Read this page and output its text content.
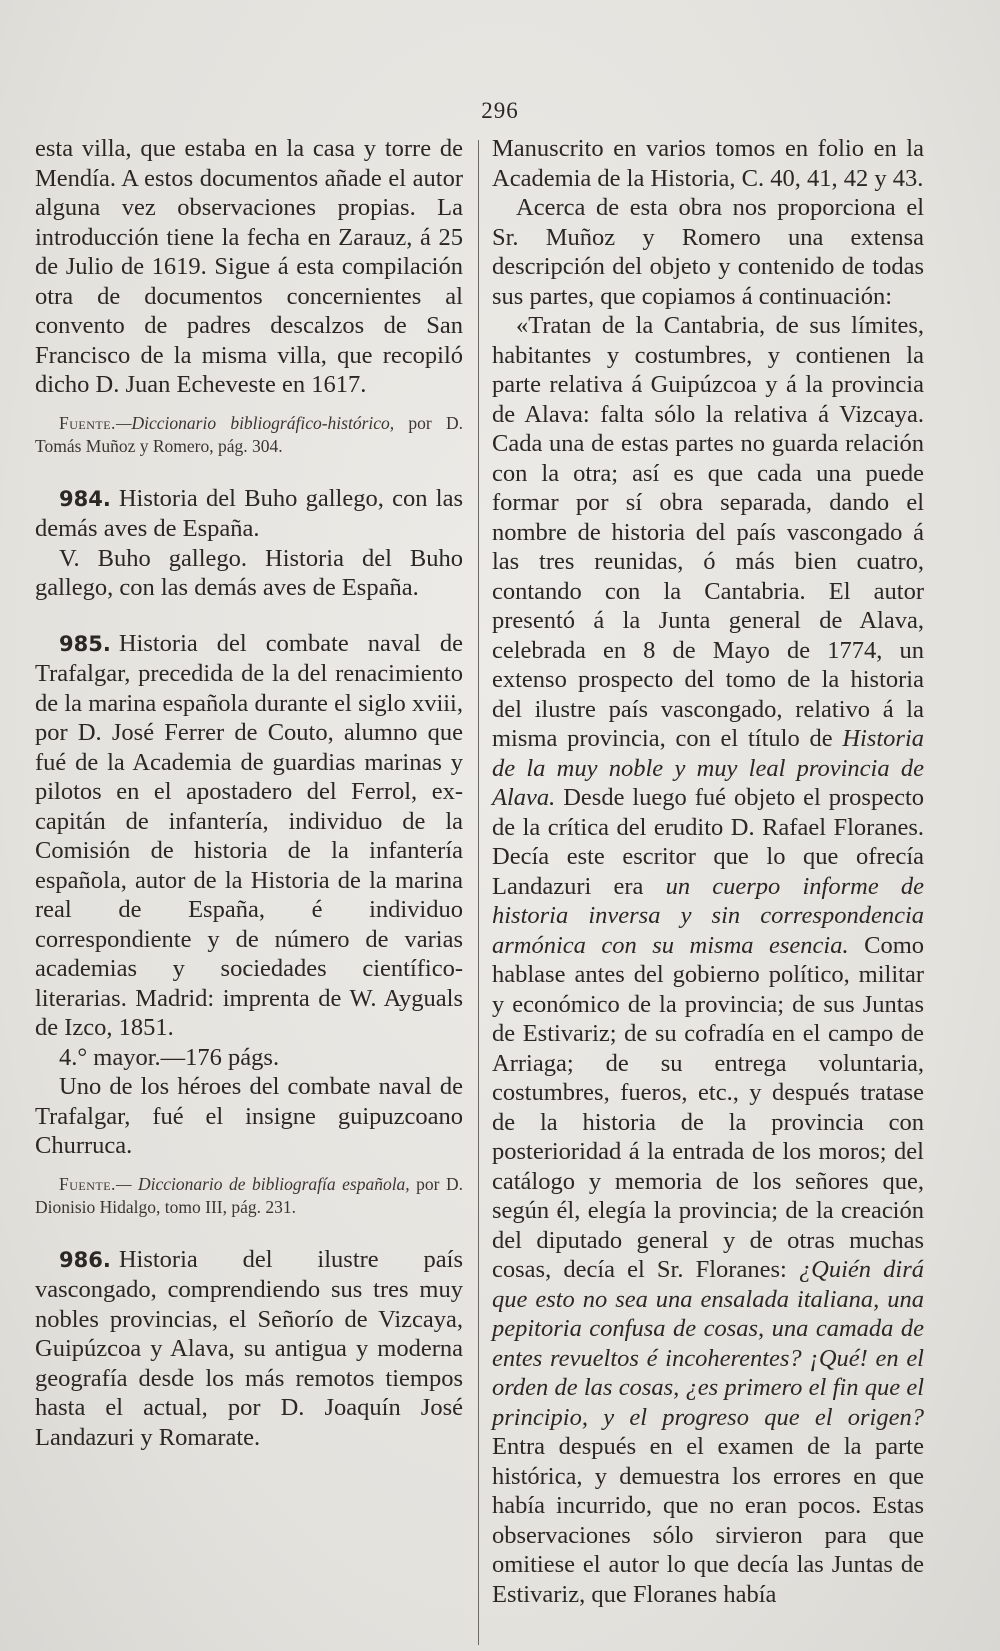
296

esta villa, que estaba en la casa y torre de Mendía. A estos documentos añade el autor alguna vez observaciones propias. La introducción tiene la fecha en Zarauz, á 25 de Julio de 1619. Sigue á esta compilación otra de documentos concernientes al convento de padres descalzos de San Francisco de la misma villa, que recopiló dicho D. Juan Echeveste en 1617.

Fuente.—Diccionario bibliográfico-histórico, por D. Tomás Muñoz y Romero, pág. 304.

984. Historia del Buho gallego, con las demás aves de España.

V. Buho gallego. Historia del Buho gallego, con las demás aves de España.

985. Historia del combate naval de Trafalgar, precedida de la del renacimiento de la marina española durante el siglo xviii, por D. José Ferrer de Couto, alumno que fué de la Academia de guardias marinas y pilotos en el apostadero del Ferrol, ex-capitán de infantería, individuo de la Comisión de historia de la infantería española, autor de la Historia de la marina real de España, é individuo correspondiente y de número de varias academias y sociedades científico-literarias. Madrid: imprenta de W. Ayguals de Izco, 1851.

4.° mayor.—176 págs.

Uno de los héroes del combate naval de Trafalgar, fué el insigne guipuzcoano Churruca.

Fuente.— Diccionario de bibliografía española, por D. Dionisio Hidalgo, tomo III, pág. 231.

986. Historia del ilustre país vascongado, comprendiendo sus tres muy nobles provincias, el Señorío de Vizcaya, Guipúzcoa y Alava, su antigua y moderna geografía desde los más remotos tiempos hasta el actual, por D. Joaquín José Landazuri y Romarate.

Manuscrito en varios tomos en folio en la Academia de la Historia, C. 40, 41, 42 y 43.

Acerca de esta obra nos proporciona el Sr. Muñoz y Romero una extensa descripción del objeto y contenido de todas sus partes, que copiamos á continuación:

«Tratan de la Cantabria, de sus límites, habitantes y costumbres, y contienen la parte relativa á Guipúzcoa y á la provincia de Alava: falta sólo la relativa á Vizcaya. Cada una de estas partes no guarda relación con la otra; así es que cada una puede formar por sí obra separada, dando el nombre de historia del país vascongado á las tres reunidas, ó más bien cuatro, contando con la Cantabria. El autor presentó á la Junta general de Alava, celebrada en 8 de Mayo de 1774, un extenso prospecto del tomo de la historia del ilustre país vascongado, relativo á la misma provincia, con el título de Historia de la muy noble y muy leal provincia de Alava. Desde luego fué objeto el prospecto de la crítica del erudito D. Rafael Floranes. Decía este escritor que lo que ofrecía Landazuri era un cuerpo informe de historia inversa y sin correspondencia armónica con su misma esencia. Como hablase antes del gobierno político, militar y económico de la provincia; de sus Juntas de Estivariz; de su cofradía en el campo de Arriaga; de su entrega voluntaria, costumbres, fueros, etc., y después tratase de la historia de la provincia con posterioridad á la entrada de los moros; del catálogo y memoria de los señores que, según él, elegía la provincia; de la creación del diputado general y de otras muchas cosas, decía el Sr. Floranes: ¿Quién dirá que esto no sea una ensalada italiana, una pepitoria confusa de cosas, una camada de entes revueltos é incoherentes? ¡Qué! en el orden de las cosas, ¿es primero el fin que el principio, y el progreso que el origen? Entra después en el examen de la parte histórica, y demuestra los errores en que había incurrido, que no eran pocos. Estas observaciones sólo sirvieron para que omitiese el autor lo que decía las Juntas de Estivariz, que Floranes había
